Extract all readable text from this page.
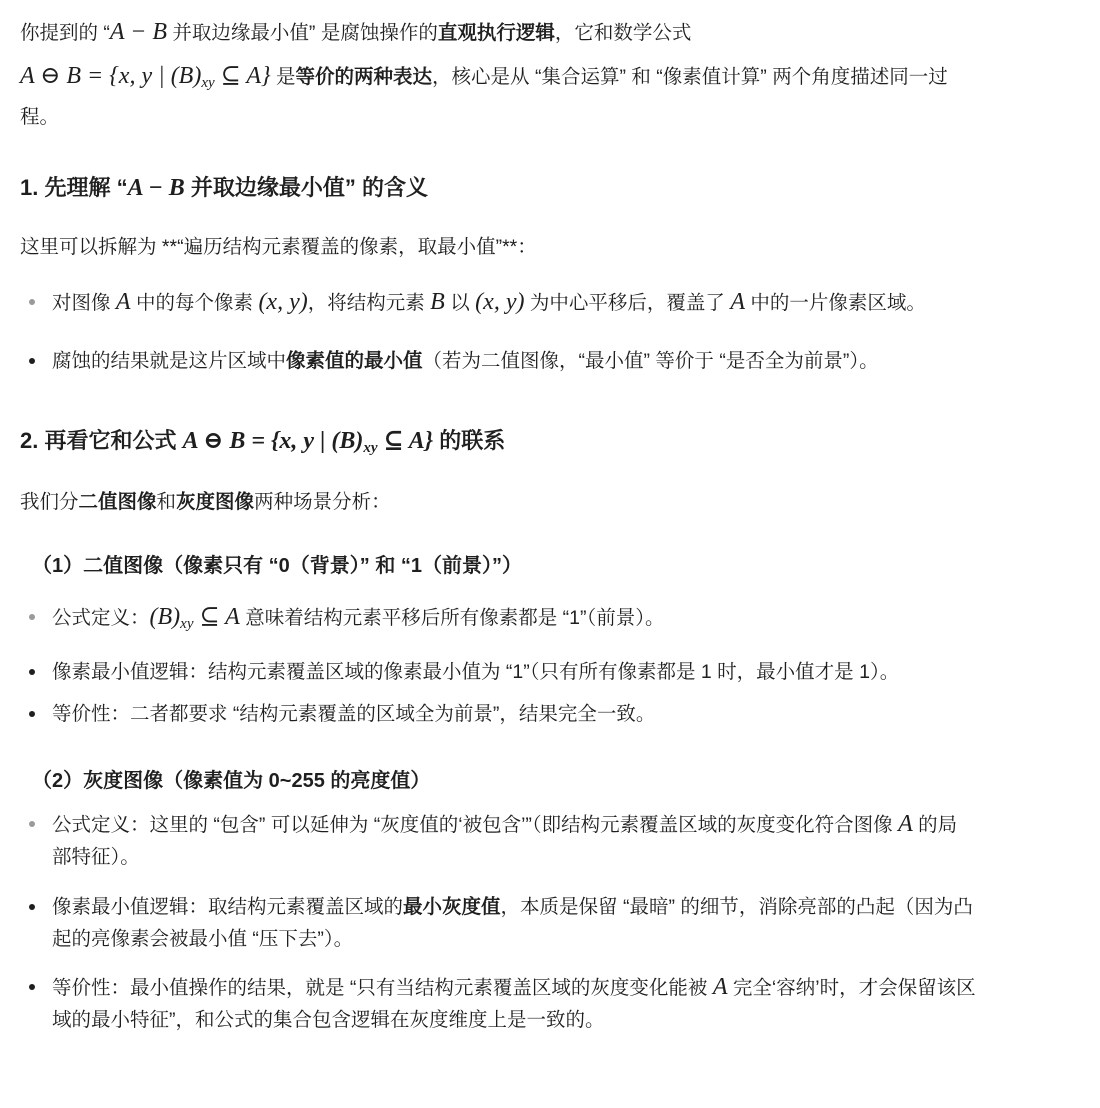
你提到的 “A − B 并取边缘最小值” 是腐蚀操作的直观执行逻辑，它和数学公式

A ⊖ B = {x, y | $(B)_{xy}$ ⊆ A} 是等价的两种表达，核心是从 “集合运算” 和 “像素值计算” 两个角度描述同一过

程。

1. 先理解 “A − B 并取边缘最小值” 的含义

这里可以拆解为 **“遍历结构元素覆盖的像素，取最小值”**：

对图像 A 中的每个像素 (x, y)，将结构元素 B 以 (x, y) 为中心平移后，覆盖了 A 中的一片像素区域。
腐蚀的结果就是这片区域中像素值的最小值（若为二值图像，“最小值” 等价于 “是否全为前景”）。
2. 再看它和公式 A ⊖ B = {x, y | $(B)_{xy}$ ⊆ A} 的联系

我们分二值图像和灰度图像两种场景分析：

（1）二值图像（像素只有 “0（背景）” 和 “1（前景）”）
公式定义：$(B)_{xy}$ ⊆ A 意味着结构元素平移后所有像素都是 “1”（前景）。
像素最小值逻辑：结构元素覆盖区域的像素最小值为 “1”（只有所有像素都是 1 时，最小值才是 1）。
等价性：二者都要求 “结构元素覆盖的区域全为前景”，结果完全一致。
（2）灰度图像（像素值为 0~255 的亮度值）
公式定义：这里的 “包含” 可以延伸为 “灰度值的‘被包含’”（即结构元素覆盖区域的灰度变化符合图像 A 的局
部特征）。
像素最小值逻辑：取结构元素覆盖区域的最小灰度值，本质是保留 “最暗” 的细节，消除亮部的凸起（因为凸
起的亮像素会被最小值 “压下去”）。
等价性：最小值操作的结果，就是 “只有当结构元素覆盖区域的灰度变化能被 A 完全‘容纳’时，才会保留该区
域的最小特征”，和公式的集合包含逻辑在灰度维度上是一致的。
